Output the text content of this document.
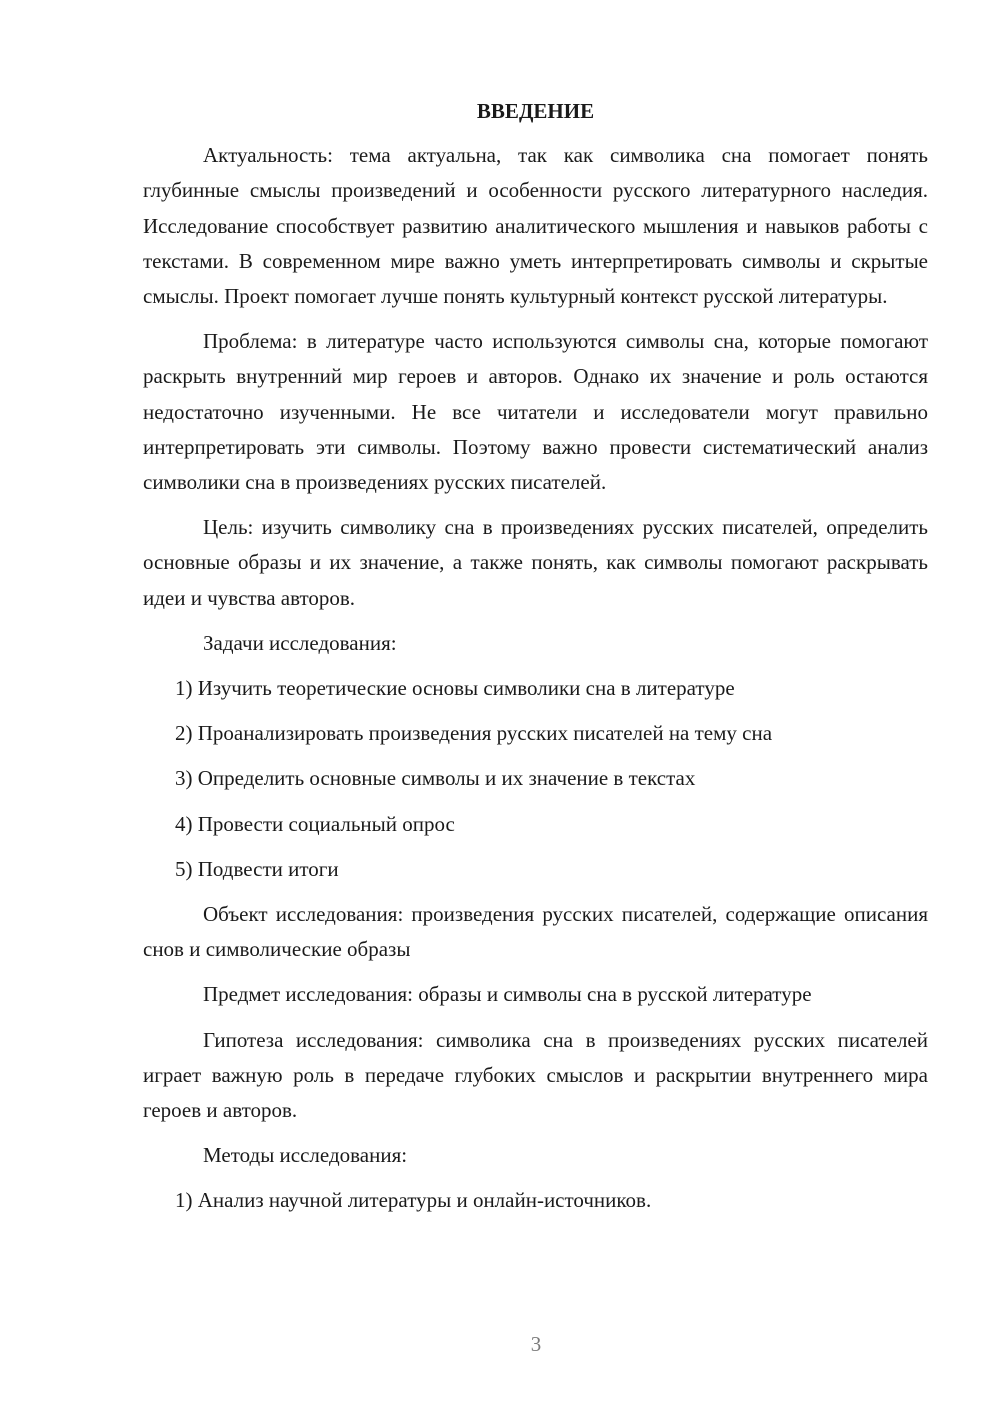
ВВЕДЕНИЕ

Актуальность: тема актуальна, так как символика сна помогает понять глубинные смыслы произведений и особенности русского литературного наследия. Исследование способствует развитию аналитического мышления и навыков работы с текстами. В современном мире важно уметь интерпретировать символы и скрытые смыслы. Проект помогает лучше понять культурный контекст русской литературы.

Проблема: в литературе часто используются символы сна, которые помогают раскрыть внутренний мир героев и авторов. Однако их значение и роль остаются недостаточно изученными. Не все читатели и исследователи могут правильно интерпретировать эти символы. Поэтому важно провести систематический анализ символики сна в произведениях русских писателей.

Цель: изучить символику сна в произведениях русских писателей, определить основные образы и их значение, а также понять, как символы помогают раскрывать идеи и чувства авторов.

Задачи исследования:

1) Изучить теоретические основы символики сна в литературе

2) Проанализировать произведения русских писателей на тему сна

3) Определить основные символы и их значение в текстах

4) Провести социальный опрос

5) Подвести итоги

Объект исследования: произведения русских писателей, содержащие описания снов и символические образы

Предмет исследования: образы и символы сна в русской литературе

Гипотеза исследования: символика сна в произведениях русских писателей играет важную роль в передаче глубоких смыслов и раскрытии внутреннего мира героев и авторов.

Методы исследования:

1) Анализ научной литературы и онлайн-источников.

3
